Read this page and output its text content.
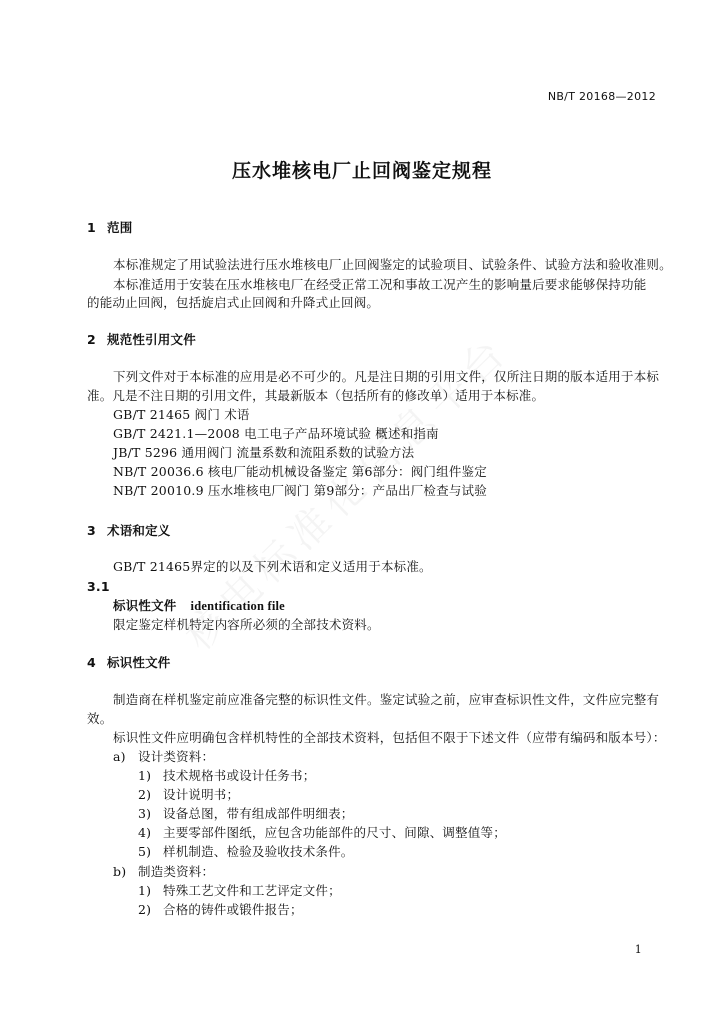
NB/T 20168—2012
压水堆核电厂止回阀鉴定规程
1 范围
本标准规定了用试验法进行压水堆核电厂止回阀鉴定的试验项目、试验条件、试验方法和验收准则。
本标准适用于安装在压水堆核电厂在经受正常工况和事故工况产生的影响量后要求能够保持功能
的能动止回阀，包括旋启式止回阀和升降式止回阀。
2 规范性引用文件
下列文件对于本标准的应用是必不可少的。凡是注日期的引用文件，仅所注日期的版本适用于本标
准。凡是不注日期的引用文件，其最新版本（包括所有的修改单）适用于本标准。
GB/T 21465 阀门 术语
GB/T 2421.1—2008 电工电子产品环境试验 概述和指南
JB/T 5296 通用阀门 流量系数和流阻系数的试验方法
NB/T 20036.6 核电厂能动机械设备鉴定 第6部分：阀门组件鉴定
NB/T 20010.9 压水堆核电厂阀门 第9部分：产品出厂检查与试验
3 术语和定义
GB/T 21465界定的以及下列术语和定义适用于本标准。
3.1
标识性文件 identification file
限定鉴定样机特定内容所必须的全部技术资料。
4 标识性文件
制造商在样机鉴定前应准备完整的标识性文件。鉴定试验之前，应审查标识性文件，文件应完整有
效。
标识性文件应明确包含样机特性的全部技术资料，包括但不限于下述文件（应带有编码和版本号）：
a) 设计类资料：
1) 技术规格书或设计任务书；
2) 设计说明书；
3) 设备总图，带有组成部件明细表；
4) 主要零部件图纸，应包含功能部件的尺寸、间隙、调整值等；
5) 样机制造、检验及验收技术条件。
b) 制造类资料：
1) 特殊工艺文件和工艺评定文件；
2) 合格的铸件或锻件报告；
1
